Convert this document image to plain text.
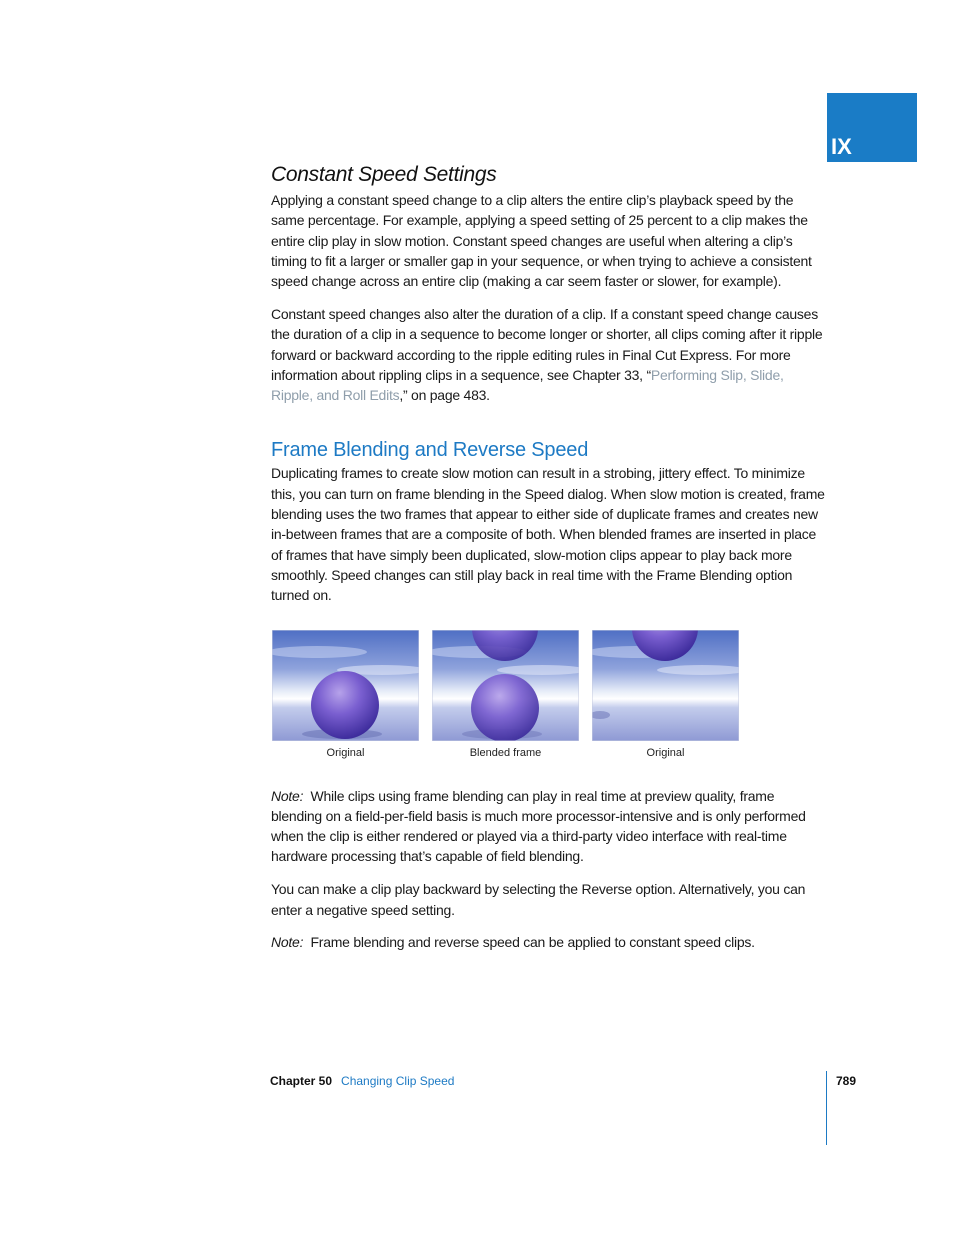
IX
Constant Speed Settings

Applying a constant speed change to a clip alters the entire clip’s playback speed by the same percentage. For example, applying a speed setting of 25 percent to a clip makes the entire clip play in slow motion. Constant speed changes are useful when altering a clip’s timing to fit a larger or smaller gap in your sequence, or when trying to achieve a consistent speed change across an entire clip (making a car seem faster or slower, for example).

Constant speed changes also alter the duration of a clip. If a constant speed change causes the duration of a clip in a sequence to become longer or shorter, all clips coming after it ripple forward or backward according to the ripple editing rules in Final Cut Express. For more information about rippling clips in a sequence, see Chapter 33, “Performing Slip, Slide, Ripple, and Roll Edits,” on page 483.

Frame Blending and Reverse Speed

Duplicating frames to create slow motion can result in a strobing, jittery effect. To minimize this, you can turn on frame blending in the Speed dialog. When slow motion is created, frame blending uses the two frames that appear to either side of duplicate frames and creates new in-between frames that are a composite of both. When blended frames are inserted in place of frames that have simply been duplicated, slow-motion clips appear to play back more smoothly. Speed changes can still play back in real time with the Frame Blending option turned on.

Original	Blended frame	Original

Note: While clips using frame blending can play in real time at preview quality, frame blending on a field-per-field basis is much more processor-intensive and is only performed when the clip is either rendered or played via a third-party video interface with real-time hardware processing that’s capable of field blending.

You can make a clip play backward by selecting the Reverse option. Alternatively, you can enter a negative speed setting.

Note: Frame blending and reverse speed can be applied to constant speed clips.

Chapter 50 Changing Clip Speed	789
